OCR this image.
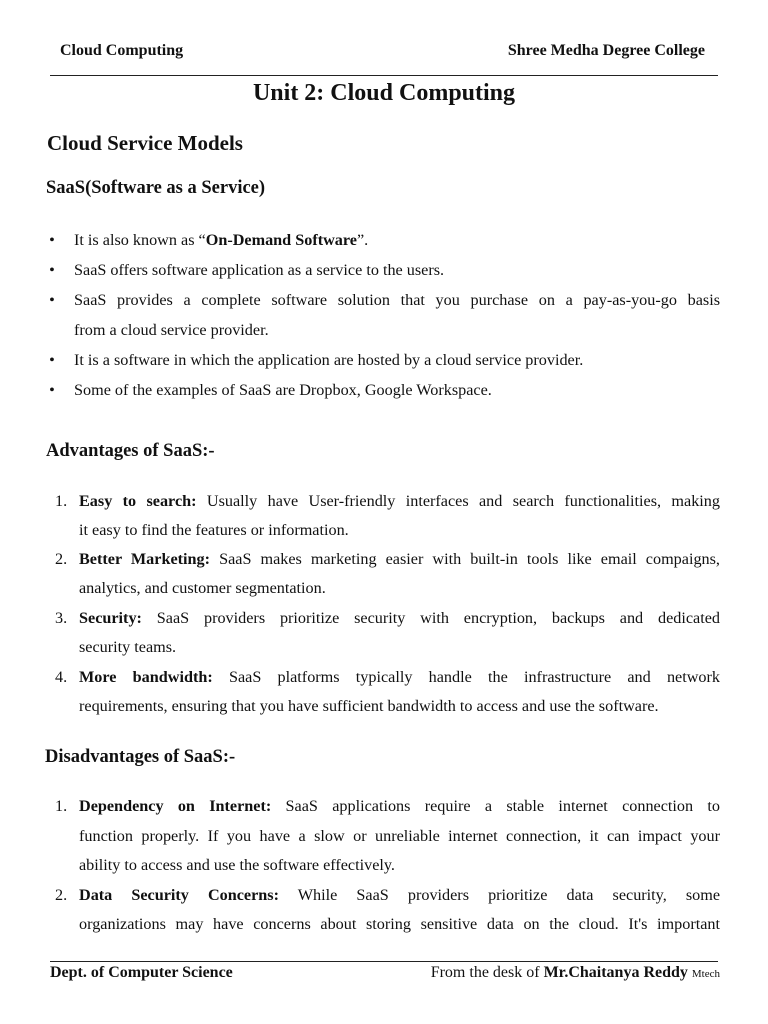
Cloud Computing	Shree Medha Degree College
Unit 2: Cloud Computing
Cloud Service Models
SaaS(Software as a Service)
• It is also known as “On-Demand Software”.
• SaaS offers software application as a service to the users.
• SaaS provides a complete software solution that you purchase on a pay-as-you-go basis
from a cloud service provider.
• It is a software in which the application are hosted by a cloud service provider.
• Some of the examples of SaaS are Dropbox, Google Workspace.
Advantages of SaaS:-
1. Easy to search: Usually have User-friendly interfaces and search functionalities, making
it easy to find the features or information.
2. Better Marketing: SaaS makes marketing easier with built-in tools like email compaigns,
analytics, and customer segmentation.
3. Security: SaaS providers prioritize security with encryption, backups and dedicated
security teams.
4. More bandwidth: SaaS platforms typically handle the infrastructure and network
requirements, ensuring that you have sufficient bandwidth to access and use the software.
Disadvantages of SaaS:-
1. Dependency on Internet: SaaS applications require a stable internet connection to
function properly. If you have a slow or unreliable internet connection, it can impact your
ability to access and use the software effectively.
2. Data Security Concerns: While SaaS providers prioritize data security, some
organizations may have concerns about storing sensitive data on the cloud. It's important
Dept. of Computer Science	From the desk of Mr.Chaitanya Reddy Mtech
